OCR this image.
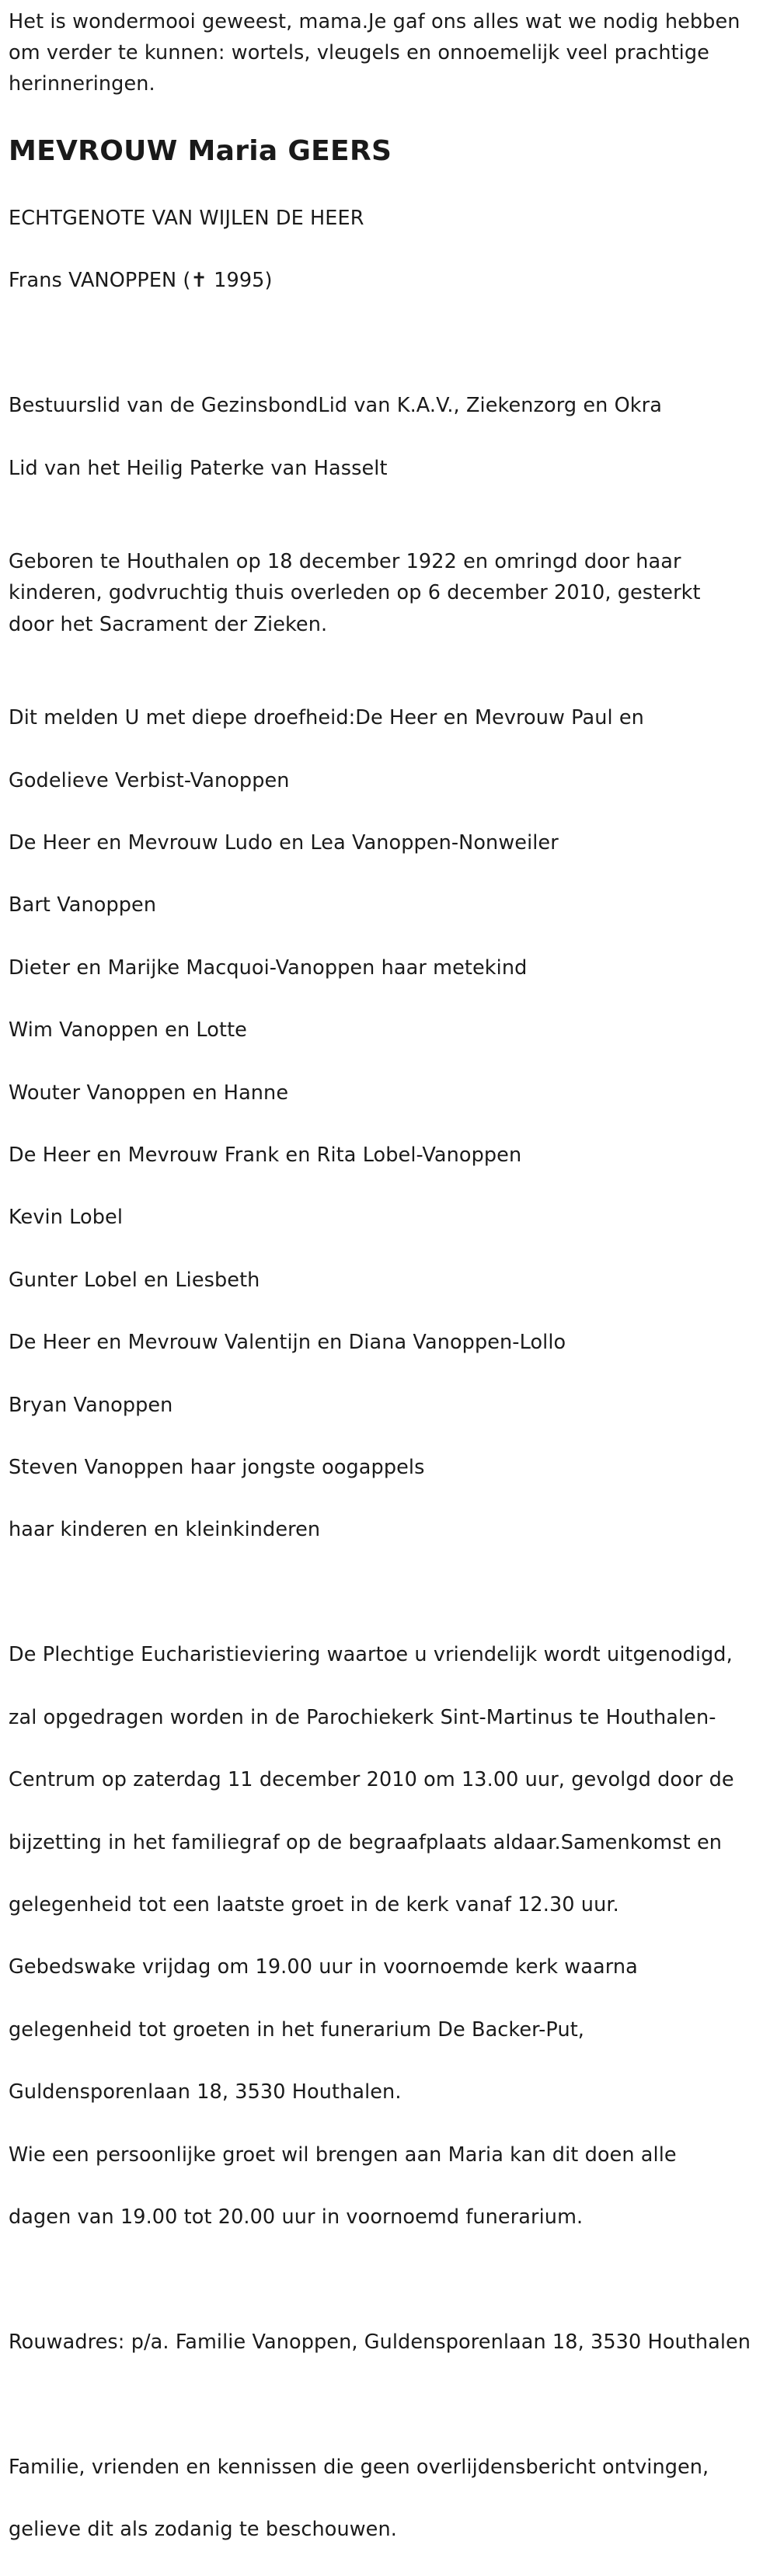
Het is wondermooi geweest, mama.Je gaf ons alles wat we nodig hebben
om verder te kunnen: wortels, vleugels en onnoemelijk veel prachtige
herinneringen.
MEVROUW Maria GEERS

ECHTGENOTE VAN WIJLEN DE HEER

Frans VANOPPEN (✝ 1995)

Bestuurslid van de GezinsbondLid van K.A.V., Ziekenzorg en Okra

Lid van het Heilig Paterke van Hasselt

Geboren te Houthalen op 18 december 1922 en omringd door haar
kinderen, godvruchtig thuis overleden op 6 december 2010, gesterkt
door het Sacrament der Zieken.

Dit melden U met diepe droefheid:De Heer en Mevrouw Paul en

Godelieve Verbist-Vanoppen

De Heer en Mevrouw Ludo en Lea Vanoppen-Nonweiler

Bart Vanoppen

Dieter en Marijke Macquoi-Vanoppen haar metekind

Wim Vanoppen en Lotte

Wouter Vanoppen en Hanne

De Heer en Mevrouw Frank en Rita Lobel-Vanoppen

Kevin Lobel

Gunter Lobel en Liesbeth

De Heer en Mevrouw Valentijn en Diana Vanoppen-Lollo

Bryan Vanoppen

Steven Vanoppen haar jongste oogappels

haar kinderen en kleinkinderen

De Plechtige Eucharistieviering waartoe u vriendelijk wordt uitgenodigd,

zal opgedragen worden in de Parochiekerk Sint-Martinus te Houthalen-

Centrum op zaterdag 11 december 2010 om 13.00 uur, gevolgd door de

bijzetting in het familiegraf op de begraafplaats aldaar.Samenkomst en

gelegenheid tot een laatste groet in de kerk vanaf 12.30 uur.

Gebedswake vrijdag om 19.00 uur in voornoemde kerk waarna

gelegenheid tot groeten in het funerarium De Backer-Put,

Guldensporenlaan 18, 3530 Houthalen.

Wie een persoonlijke groet wil brengen aan Maria kan dit doen alle

dagen van 19.00 tot 20.00 uur in voornoemd funerarium.

Rouwadres: p/a. Familie Vanoppen, Guldensporenlaan 18, 3530 Houthalen

Familie, vrienden en kennissen die geen overlijdensbericht ontvingen,

gelieve dit als zodanig te beschouwen.
